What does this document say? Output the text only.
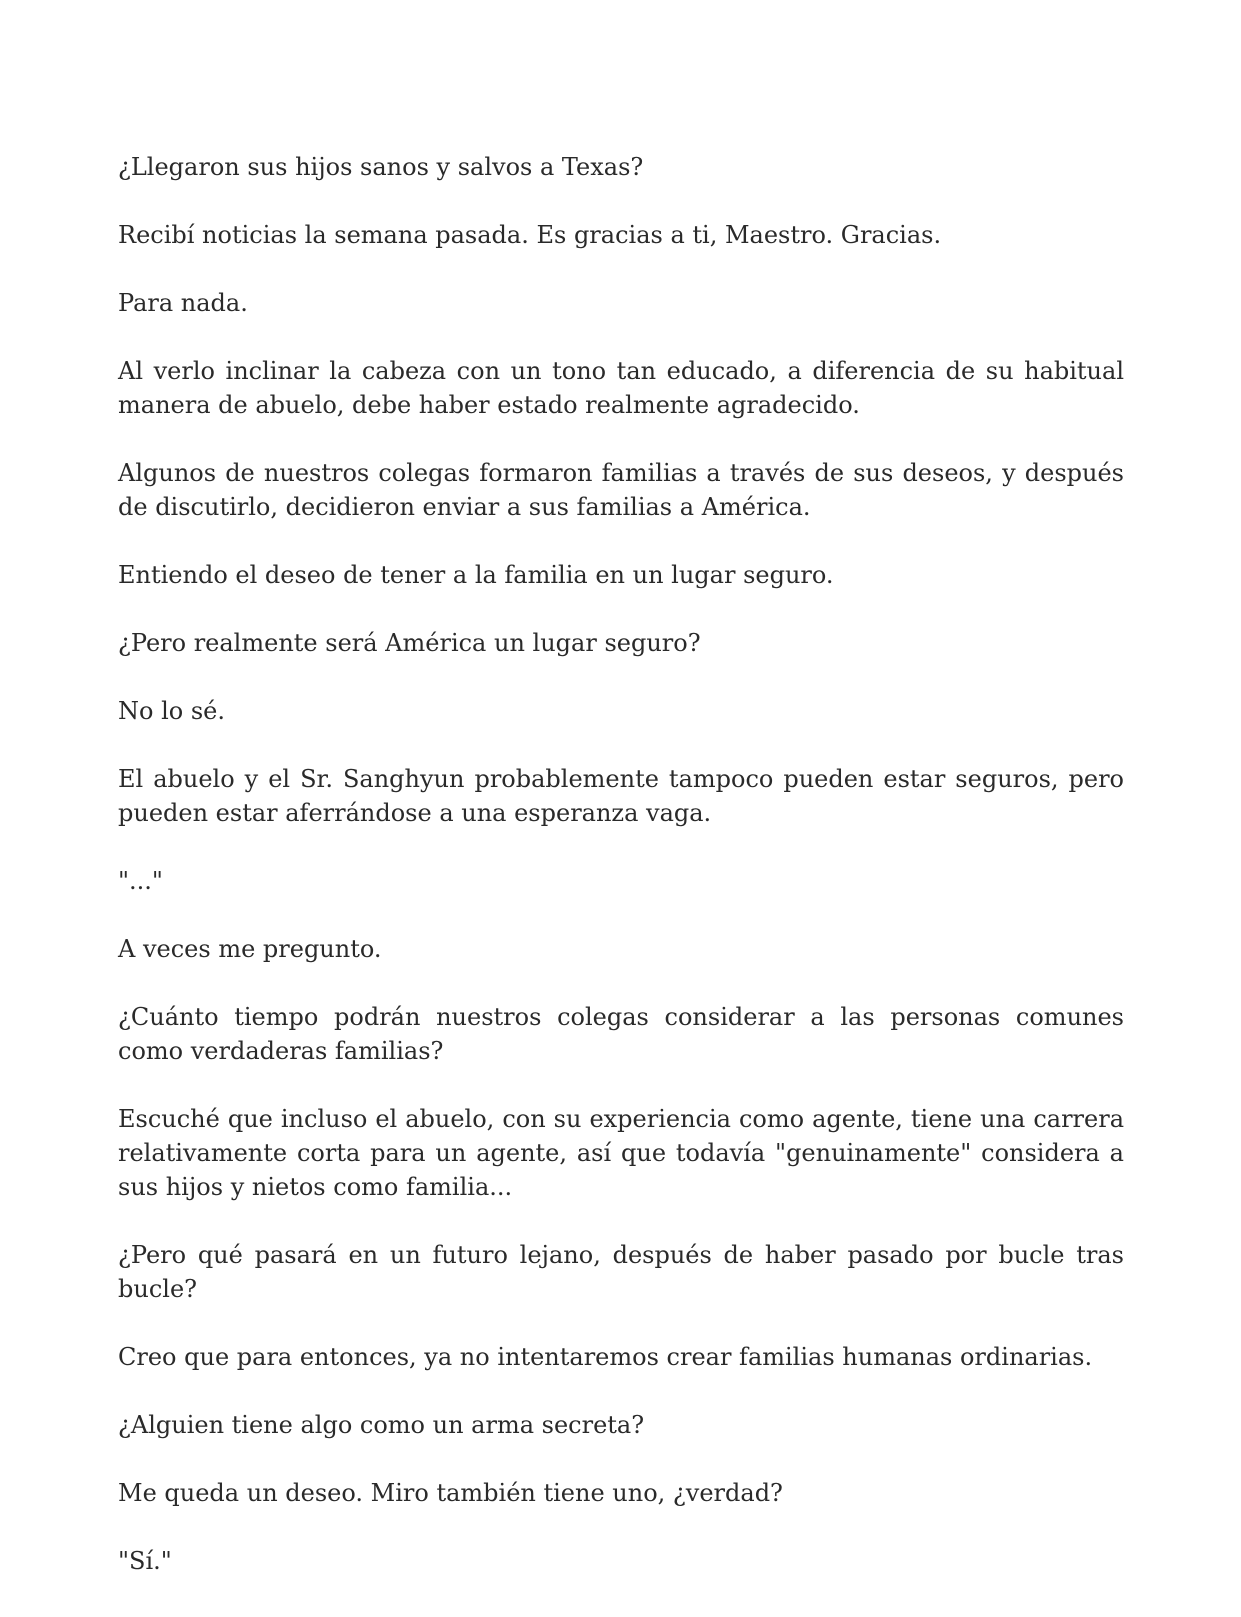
¿Llegaron sus hijos sanos y salvos a Texas?

Recibí noticias la semana pasada. Es gracias a ti, Maestro. Gracias.

Para nada.

Al verlo inclinar la cabeza con un tono tan educado, a diferencia de su habitual manera de abuelo, debe haber estado realmente agradecido.

Algunos de nuestros colegas formaron familias a través de sus deseos, y después de discutirlo, decidieron enviar a sus familias a América.

Entiendo el deseo de tener a la familia en un lugar seguro.

¿Pero realmente será América un lugar seguro?

No lo sé.

El abuelo y el Sr. Sanghyun probablemente tampoco pueden estar seguros, pero pueden estar aferrándose a una esperanza vaga.

"..."

A veces me pregunto.

¿Cuánto tiempo podrán nuestros colegas considerar a las personas comunes como verdaderas familias?

Escuché que incluso el abuelo, con su experiencia como agente, tiene una carrera relativamente corta para un agente, así que todavía "genuinamente" considera a sus hijos y nietos como familia...

¿Pero qué pasará en un futuro lejano, después de haber pasado por bucle tras bucle?

Creo que para entonces, ya no intentaremos crear familias humanas ordinarias.

¿Alguien tiene algo como un arma secreta?

Me queda un deseo. Miro también tiene uno, ¿verdad?

"Sí."
